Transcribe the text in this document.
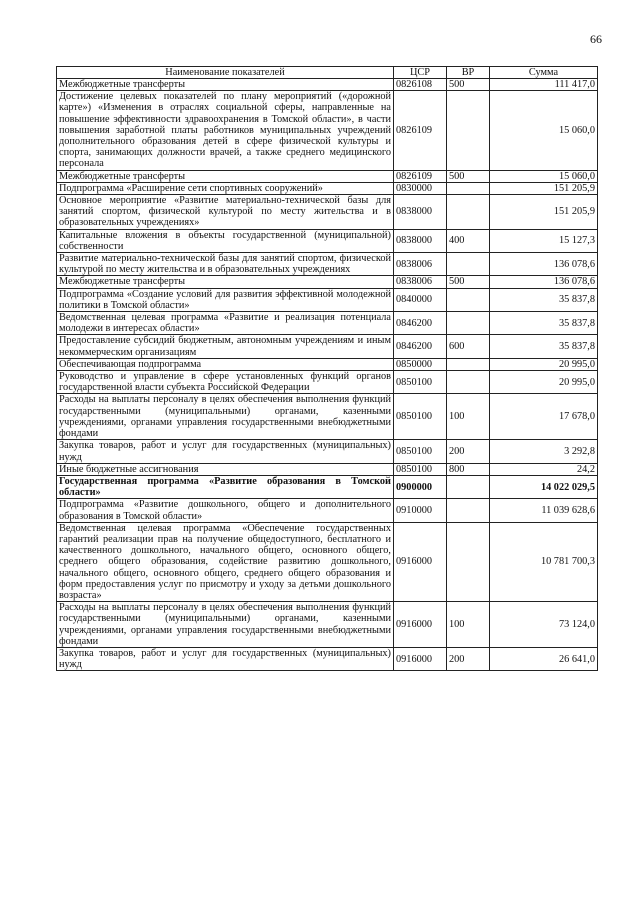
66
Наименование показателей	ЦСР	ВР	Сумма
Межбюджетные трансферты	0826108	500	111 417,0
Достижение целевых показателей по плану мероприятий («дорожной карте») «Изменения в отраслях социальной сферы, направленные на повышение эффективности здравоохранения в Томской области», в части повышения заработной платы работников муниципальных учреждений дополнительного образования детей в сфере физической культуры и спорта, занимающих должности врачей, а также среднего медицинского персонала	0826109		15 060,0
Межбюджетные трансферты	0826109	500	15 060,0
Подпрограмма «Расширение сети спортивных сооружений»	0830000		151 205,9
Основное мероприятие «Развитие материально-технической базы для занятий спортом, физической культурой по месту жительства и в образовательных учреждениях»	0838000		151 205,9
Капитальные вложения в объекты государственной (муниципальной) собственности	0838000	400	15 127,3
Развитие материально-технической базы для занятий спортом, физической культурой по месту жительства и в образовательных учреждениях	0838006		136 078,6
Межбюджетные трансферты	0838006	500	136 078,6
Подпрограмма «Создание условий для развития эффективной молодежной политики в Томской области»	0840000		35 837,8
Ведомственная целевая программа «Развитие и реализация потенциала молодежи в интересах области»	0846200		35 837,8
Предоставление субсидий бюджетным, автономным учреждениям и иным некоммерческим организациям	0846200	600	35 837,8
Обеспечивающая подпрограмма	0850000		20 995,0
Руководство и управление в сфере установленных функций органов государственной власти субъекта Российской Федерации	0850100		20 995,0
Расходы на выплаты персоналу в целях обеспечения выполнения функций государственными (муниципальными) органами, казенными учреждениями, органами управления государственными внебюджетными фондами	0850100	100	17 678,0
Закупка товаров, работ и услуг для государственных (муниципальных) нужд	0850100	200	3 292,8
Иные бюджетные ассигнования	0850100	800	24,2
Государственная программа «Развитие образования в Томской области»	0900000		14 022 029,5
Подпрограмма «Развитие дошкольного, общего и дополнительного образования в Томской области»	0910000		11 039 628,6
Ведомственная целевая программа «Обеспечение государственных гарантий реализации прав на получение общедоступного, бесплатного и качественного дошкольного, начального общего, основного общего, среднего общего образования, содействие развитию дошкольного, начального общего, основного общего, среднего общего образования и форм предоставления услуг по присмотру и уходу за детьми дошкольного возраста»	0916000		10 781 700,3
Расходы на выплаты персоналу в целях обеспечения выполнения функций государственными (муниципальными) органами, казенными учреждениями, органами управления государственными внебюджетными фондами	0916000	100	73 124,0
Закупка товаров, работ и услуг для государственных (муниципальных) нужд	0916000	200	26 641,0
